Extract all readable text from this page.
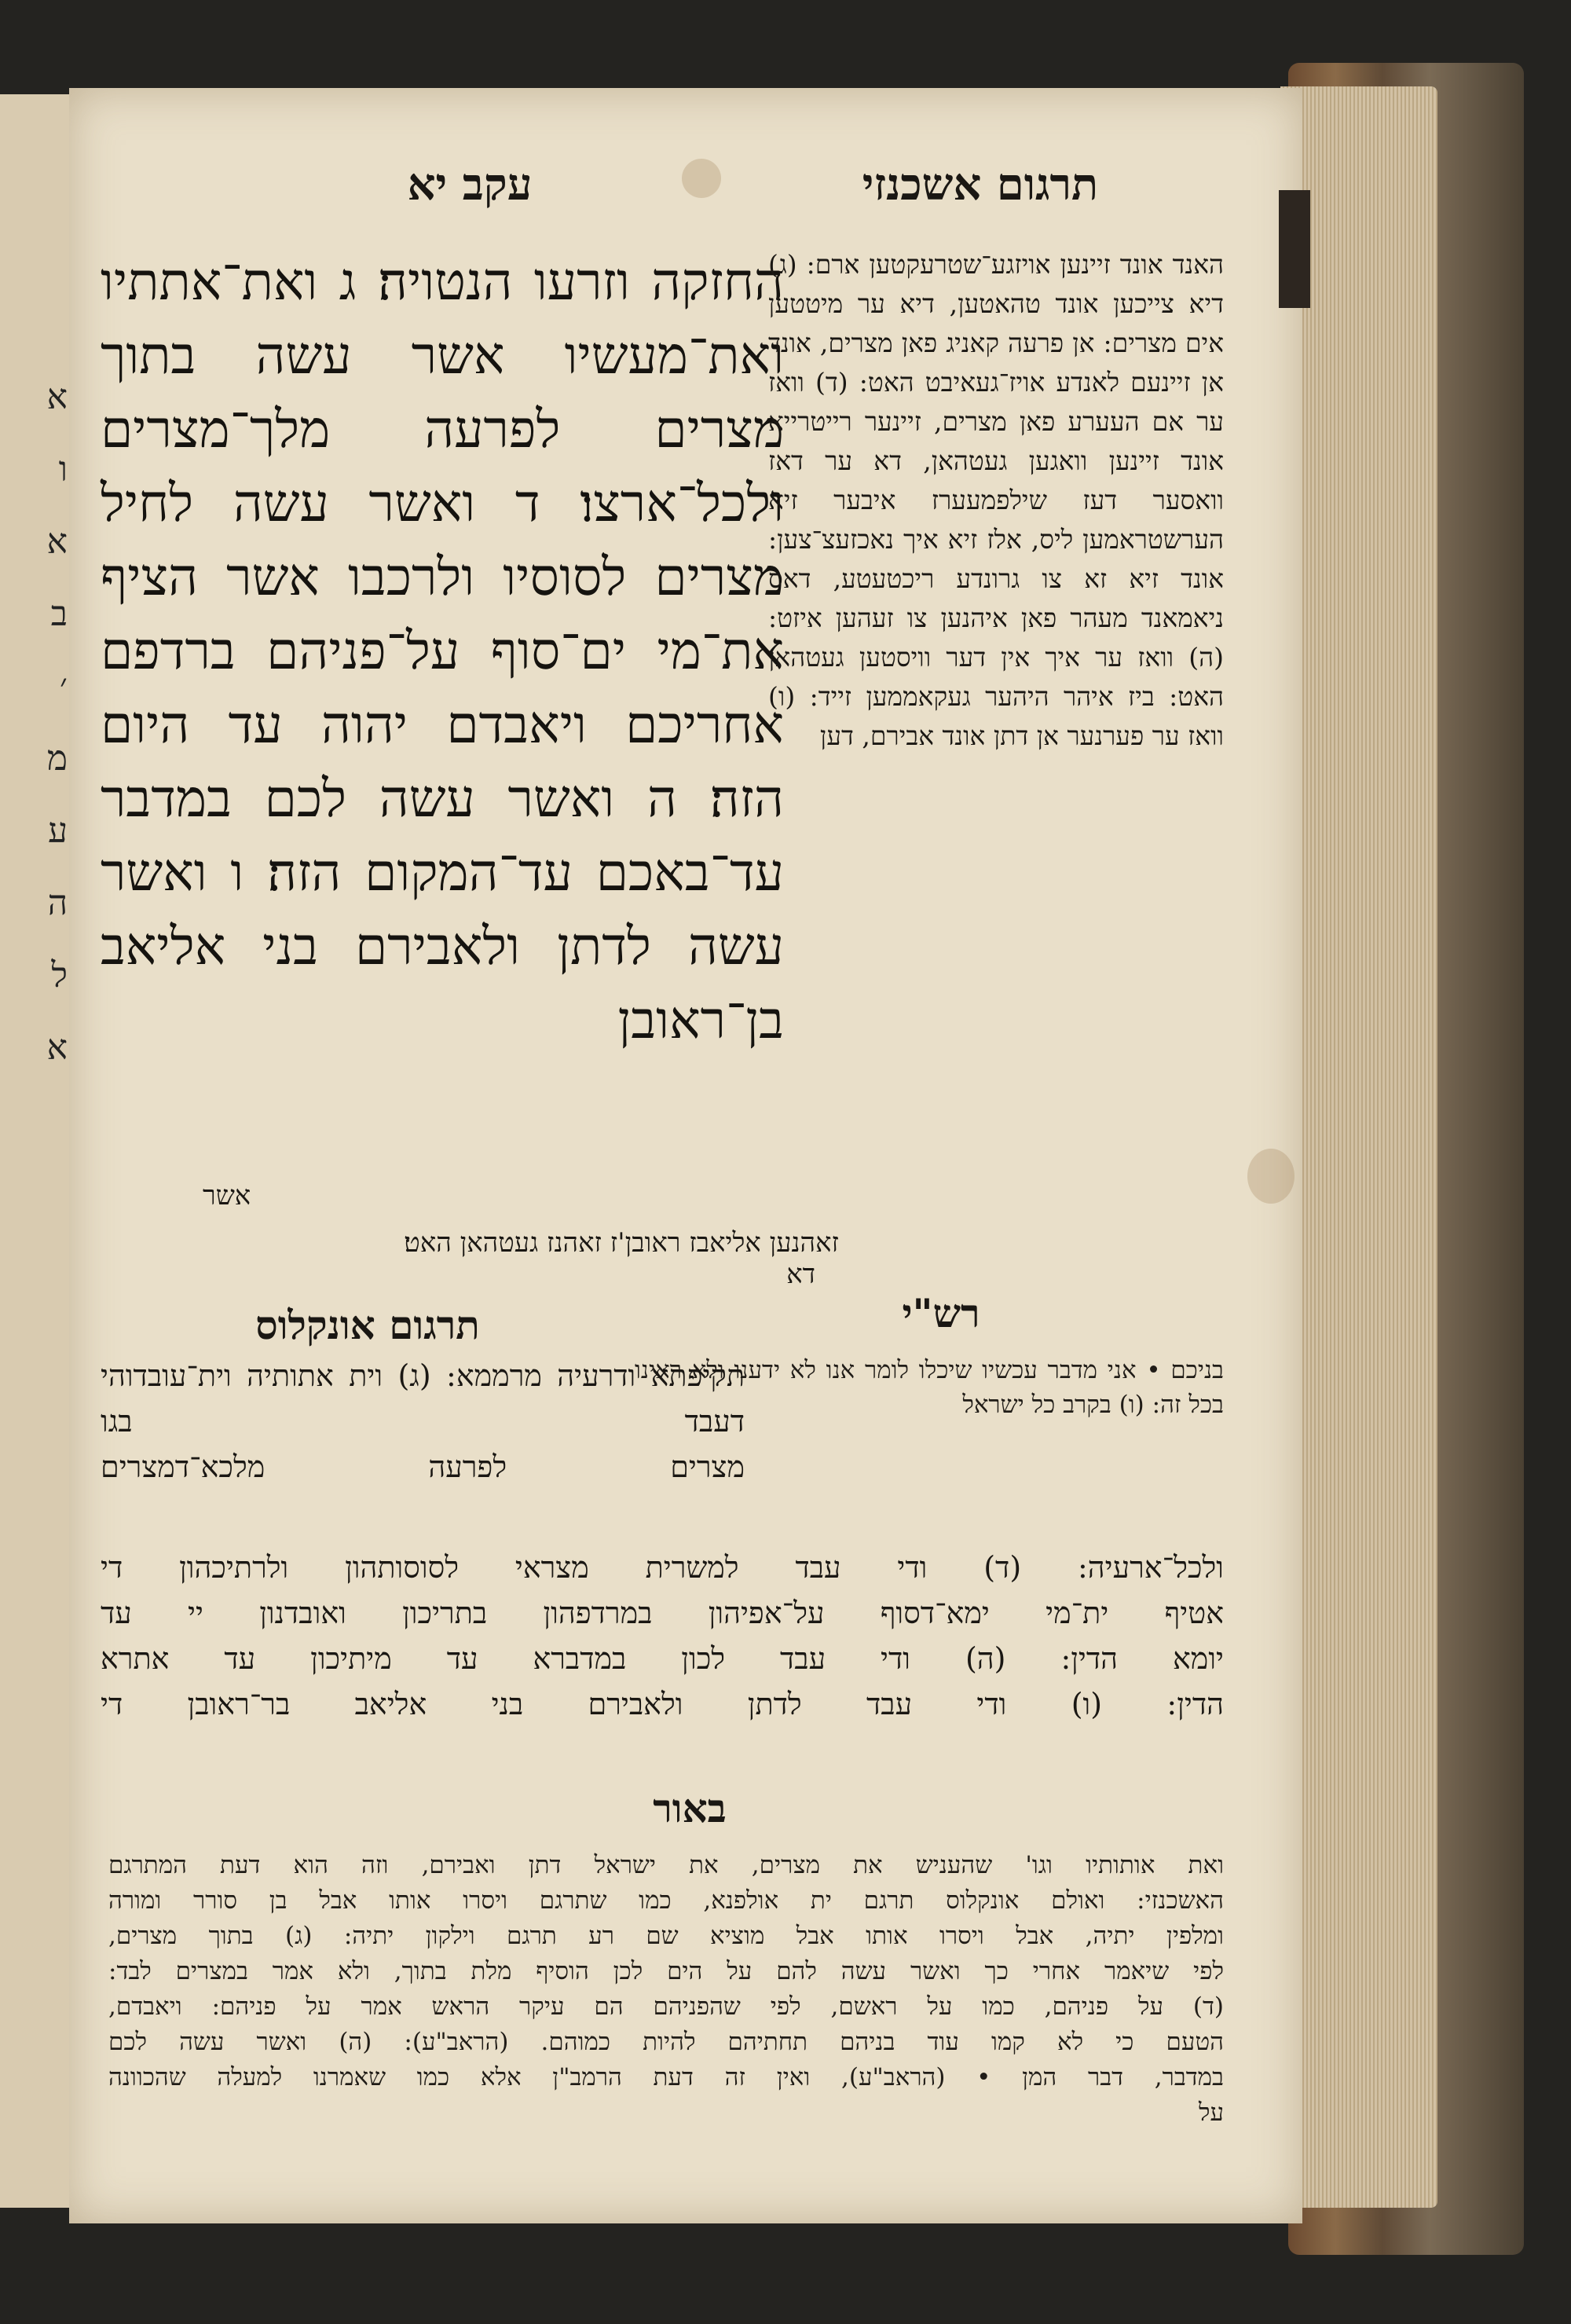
א
ו
א
ב
׳
מ
ע
ה
ל
א
עקב יא	תרגום אשכנזי
החזקה וזרעו הנטויה׃ ג ואת־אתתיו ואת־מעשיו אשר עשה בתוך מצרים לפרעה מלך־מצרים ולכל־ארצו׃ ד ואשר עשה לחיל מצרים לסוסיו ולרכבו אשר הציף את־מי ים־סוף על־פניהם ברדפם אחריכם ויאבדם יהוה עד היום הזה׃ ה ואשר עשה לכם במדבר עד־באכם עד־המקום הזה׃ ו ואשר עשה לדתן ולאבירם בני אליאב בן־ראובן
האנד אונד זיינען אויזגע־שטרעקטען ארם: (ג) דיא צייכען אונד טהאטען, דיא ער מיטטען אים מצרים: אן פרעה קאניג פאן מצרים, אונד אן זיינעם לאנדע אויז־געאיבט האט: (ד) וואז ער אם העערע פאן מצרים, זיינער רייטרייא אונד זיינען וואגען געטהאן, דא ער דאז וואסער דעז שילפמעערז איבער זיא הערשטראמען ליס, אלז זיא איך נאכזעצ־צען: אונד זיא זא צו גרונדע ריכטעטע, דאס ניאמאנד מעהר פאן איהנען צו זעהען איזט: (ה) וואז ער איך אין דער וויסטען געטהאן האט: ביז איהר היהער געקאממען זייד: (ו) וואז ער פערנער אן דתן אונד אבירם, דען
אשר
זאהנען אליאבז ראובן'ז זאהנז געטהאן האט׃ דא
רש"י
תרגום אונקלוס
בניכם • אני מדבר עכשיו שיכלו לומר אנו לא ידענו ולא ראינו בכל זה: (ו) בקרב כל ישראל
תקיפתא ודרעיה מרממא: (ג) וית אתותיה וית־עובדוהי דעבד בגו
מצרים לפרעה מלכא־דמצרים
ולכל־ארעיה: (ד) ודי עבד למשרית מצראי לסוסותהון ולרתיכהון די
אטיף ית־מי ימא־דסוף על־אפיהון במרדפהון בתריכון ואובדנון יי עד
יומא הדין: (ה) ודי עבד לכון במדברא עד מיתיכון עד אתרא
הדין: (ו) ודי עבד לדתן ולאבירם בני אליאב בר־ראובן די
באור
ואת אותותיו וגו' שהעניש את מצרים, את ישראל דתן ואבירם, וזה הוא דעת המתרגם
האשכנזי: ואולם אונקלוס תרגם ית אולפנא, כמו שתרגם ויסרו אותו אבל בן סורר ומורה
ומלפין יתיה, אבל ויסרו אותו אבל מוציא שם רע תרגם וילקון יתיה: (ג) בתוך מצרים,
לפי שיאמר אחרי כך ואשר עשה להם על הים לכן הוסיף מלת בתוך, ולא אמר במצרים לבד:
(ד) על פניהם, כמו על ראשם, לפי שהפניהם הם עיקר הראש אמר על פניהם: ויאבדם,
הטעם כי לא קמו עוד בניהם תחתיהם להיות כמוהם. (הראב"ע): (ה) ואשר עשה לכם
במדבר, דבר המן • (הראב"ע), ואין זה דעת הרמב"ן אלא כמו שאמרנו למעלה שהכוונה
על
